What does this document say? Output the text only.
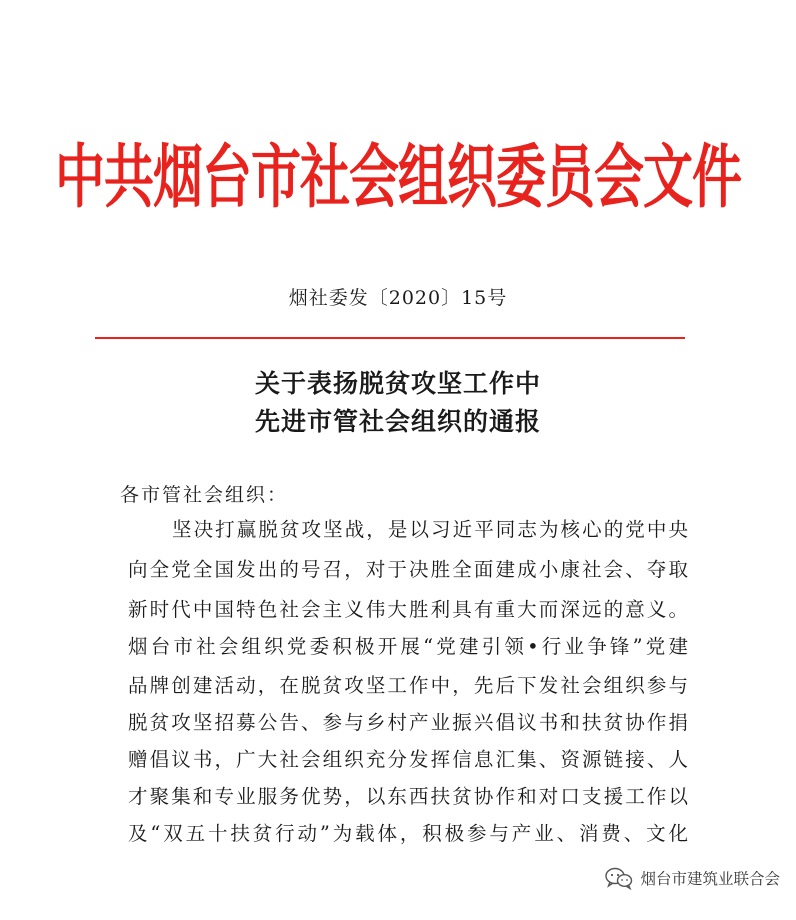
中共烟台市社会组织委员会文件
烟社委发〔2020〕15号
关于表扬脱贫攻坚工作中
先进市管社会组织的通报
各市管社会组织：
坚决打赢脱贫攻坚战，是以习近平同志为核心的党中央
向全党全国发出的号召，对于决胜全面建成小康社会、夺取
新时代中国特色社会主义伟大胜利具有重大而深远的意义。
烟台市社会组织党委积极开展“党建引领•行业争锋”党建
品牌创建活动，在脱贫攻坚工作中，先后下发社会组织参与
脱贫攻坚招募公告、参与乡村产业振兴倡议书和扶贫协作捐
赠倡议书，广大社会组织充分发挥信息汇集、资源链接、人
才聚集和专业服务优势，以东西扶贫协作和对口支援工作以
及“双五十扶贫行动”为载体，积极参与产业、消费、文化
烟台市建筑业联合会
